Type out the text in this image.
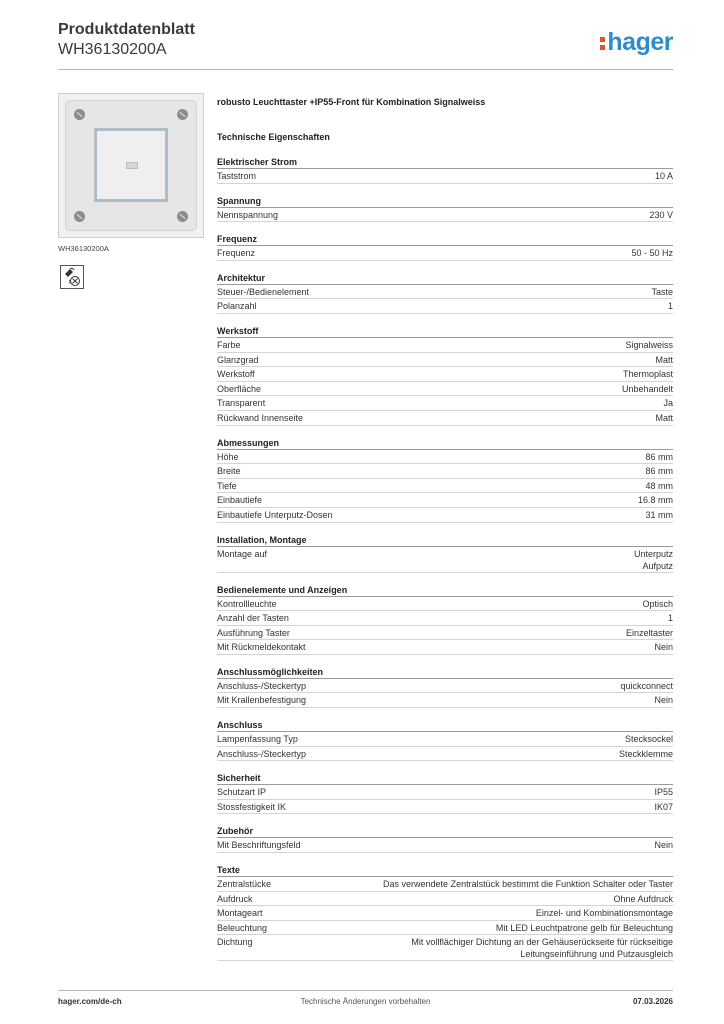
Produktdatenblatt
WH36130200A	hager
WH36130200A
robusto Leuchttaster +IP55-Front für Kombination Signalweiss
Technische Eigenschaften
Elektrischer Strom
Taststrom	10 A
Spannung
Nennspannung	230 V
Frequenz
Frequenz	50 - 50 Hz
Architektur
Steuer-/Bedienelement	Taste
Polanzahl	1
Werkstoff
Farbe	Signalweiss
Glanzgrad	Matt
Werkstoff	Thermoplast
Oberfläche	Unbehandelt
Transparent	Ja
Rückwand Innenseite	Matt
Abmessungen
Höhe	86 mm
Breite	86 mm
Tiefe	48 mm
Einbautiefe	16.8 mm
Einbautiefe Unterputz-Dosen	31 mm
Installation, Montage
Montage auf	Unterputz
Aufputz
Bedienelemente und Anzeigen
Kontrollleuchte	Optisch
Anzahl der Tasten	1
Ausführung Taster	Einzeltaster
Mit Rückmeldekontakt	Nein
Anschlussmöglichkeiten
Anschluss-/Steckertyp	quickconnect
Mit Krallenbefestigung	Nein
Anschluss
Lampenfassung Typ	Stecksockel
Anschluss-/Steckertyp	Steckklemme
Sicherheit
Schutzart IP	IP55
Stossfestigkeit IK	IK07
Zubehör
Mit Beschriftungsfeld	Nein
Texte
Zentralstücke	Das verwendete Zentralstück bestimmt die Funktion Schalter oder Taster
Aufdruck	Ohne Aufdruck
Montageart	Einzel- und Kombinationsmontage
Beleuchtung	Mit LED Leuchtpatrone gelb für Beleuchtung
Dichtung	Mit vollflächiger Dichtung an der Gehäuserückseite für rückseitige
Leitungseinführung und Putzausgleich
hager.com/de-ch	Technische Änderungen vorbehalten	07.03.2026
